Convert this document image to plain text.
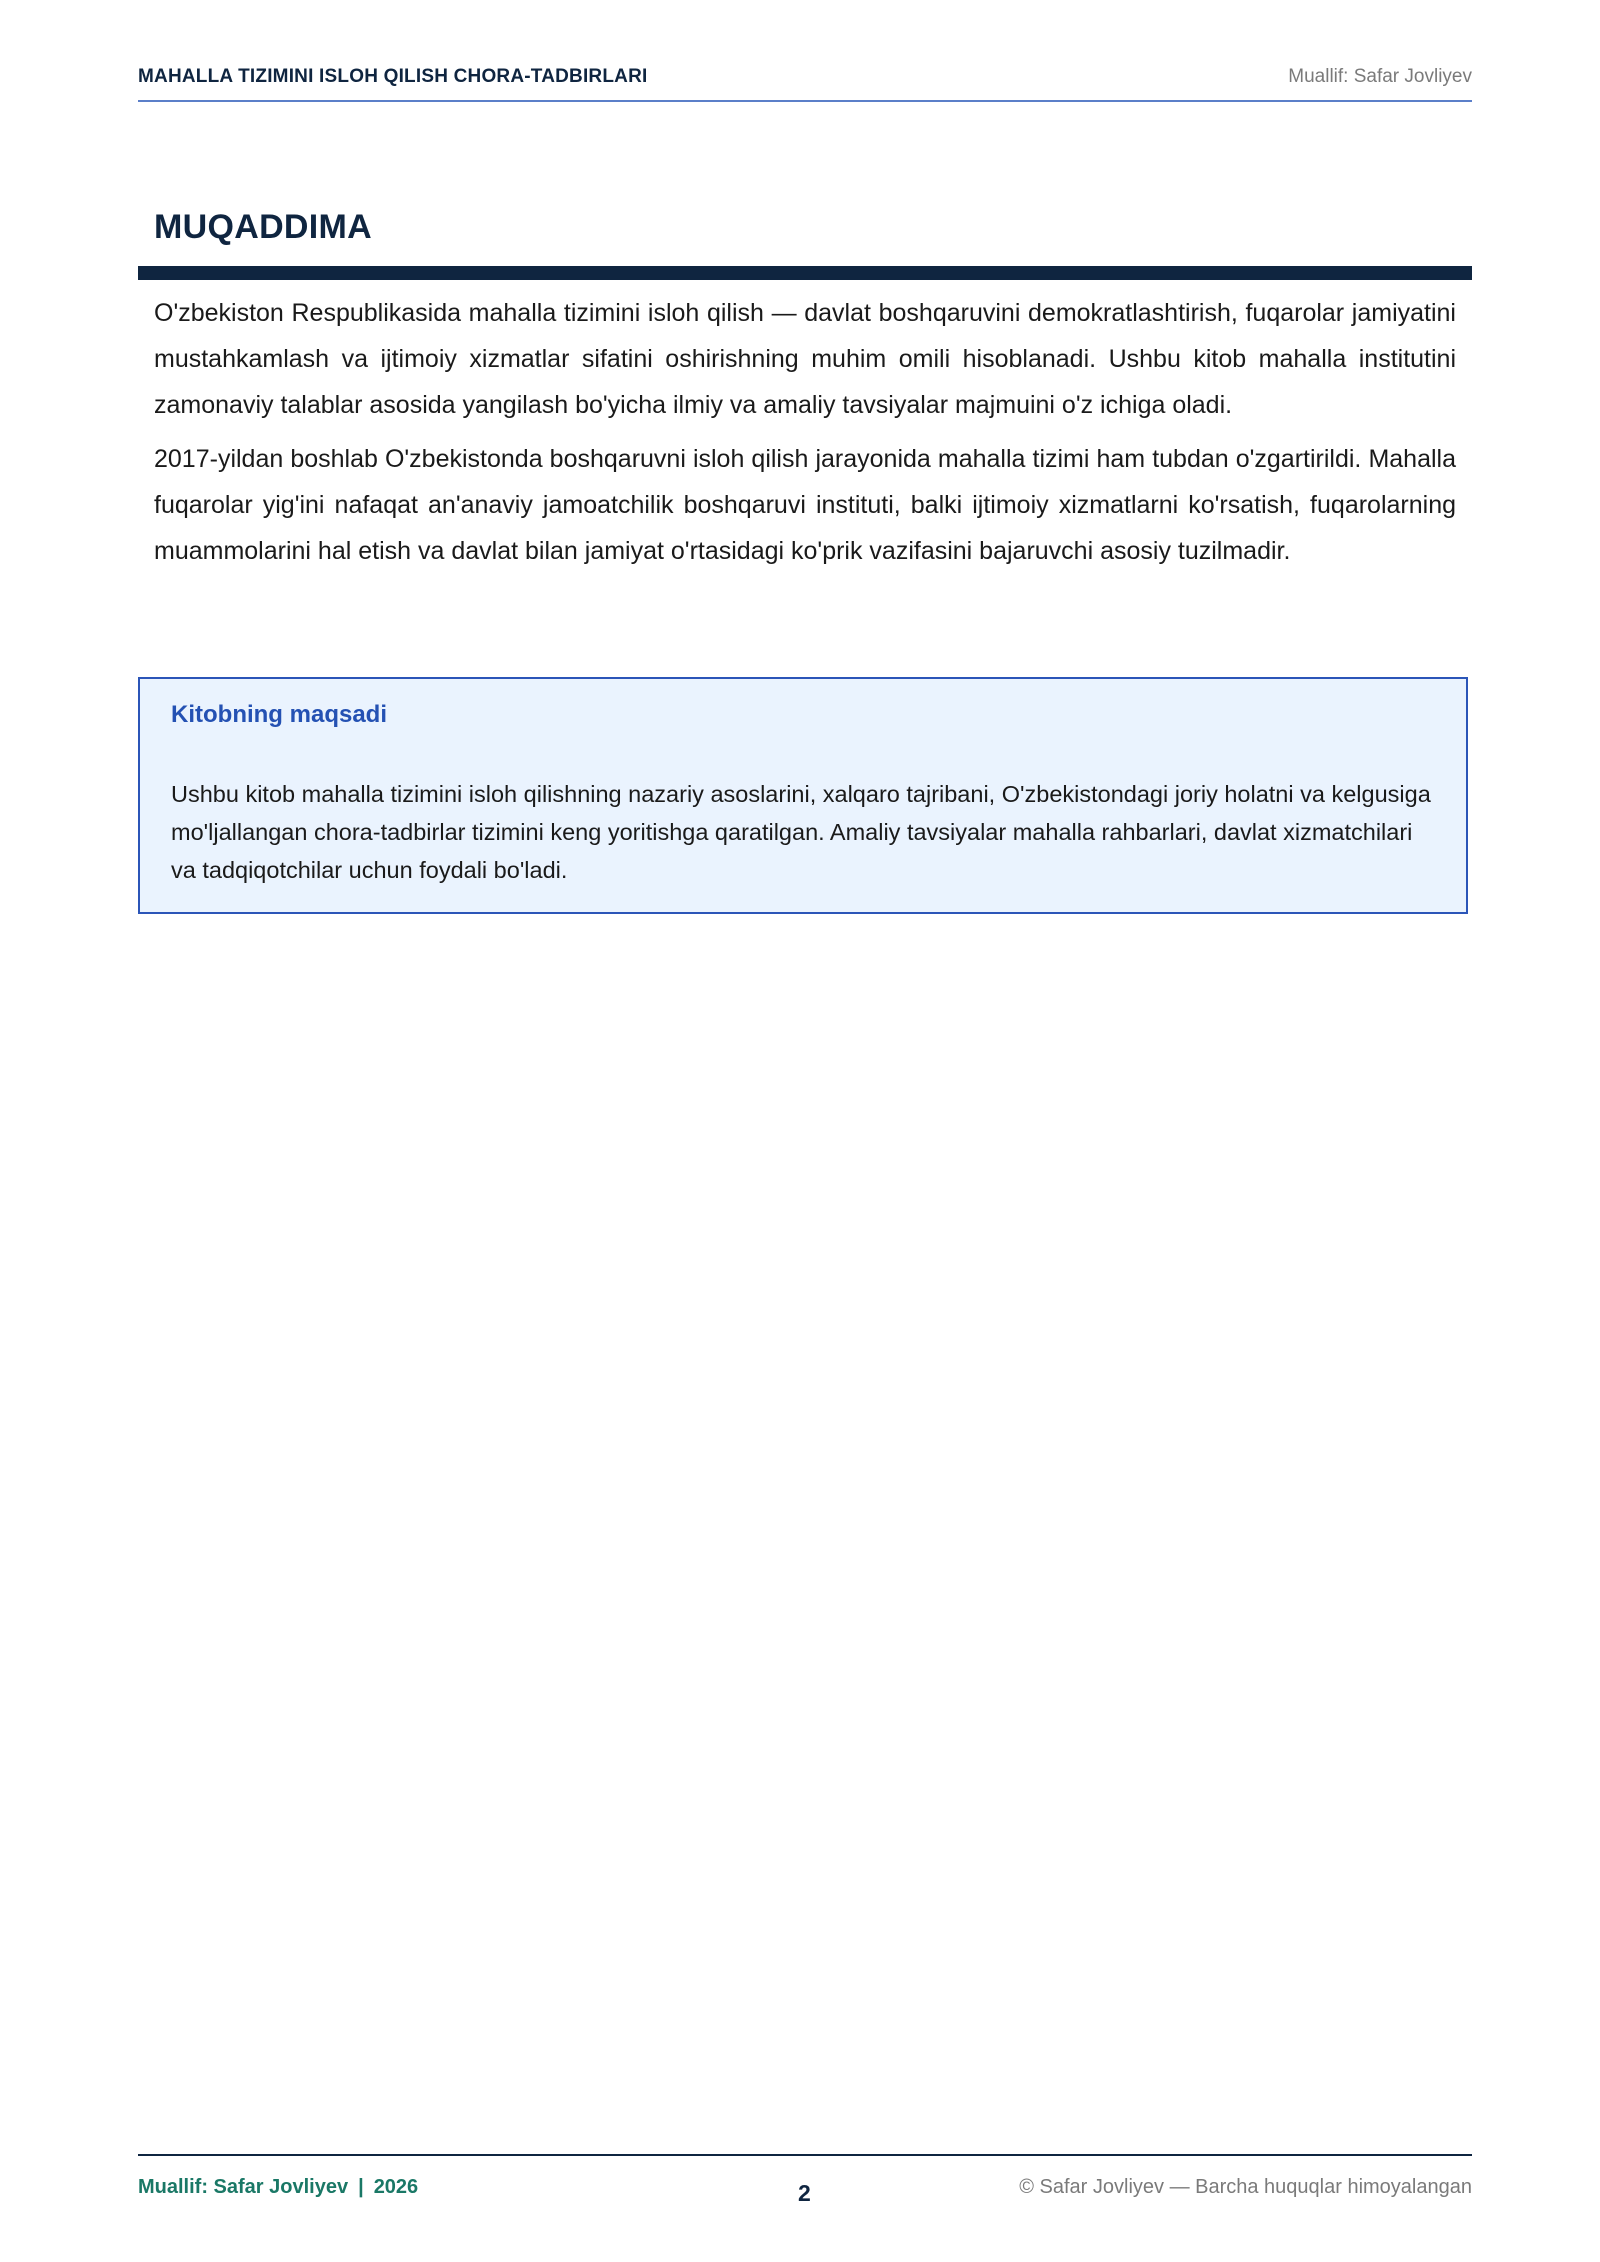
MAHALLA TIZIMINI ISLOH QILISH CHORA-TADBIRLARI	Muallif: Safar Jovliyev
MUQADDIMA

O'zbekiston Respublikasida mahalla tizimini isloh qilish — davlat boshqaruvini demokratlashtirish, fuqarolar jamiyatini mustahkamlash va ijtimoiy xizmatlar sifatini oshirishning muhim omili hisoblanadi. Ushbu kitob mahalla institutini zamonaviy talablar asosida yangilash bo'yicha ilmiy va amaliy tavsiyalar majmuini o'z ichiga oladi.

2017-yildan boshlab O'zbekistonda boshqaruvni isloh qilish jarayonida mahalla tizimi ham tubdan o'zgartirildi. Mahalla fuqarolar yig'ini nafaqat an'anaviy jamoatchilik boshqaruvi instituti, balki ijtimoiy xizmatlarni ko'rsatish, fuqarolarning muammolarini hal etish va davlat bilan jamiyat o'rtasidagi ko'prik vazifasini bajaruvchi asosiy tuzilmadir.

Kitobning maqsadi

Ushbu kitob mahalla tizimini isloh qilishning nazariy asoslarini, xalqaro tajribani, O'zbekistondagi joriy holatni va kelgusiga mo'ljallangan chora-tadbirlar tizimini keng yoritishga qaratilgan. Amaliy tavsiyalar mahalla rahbarlari, davlat xizmatchilari va tadqiqotchilar uchun foydali bo'ladi.

Muallif: Safar Jovliyev | 2026	2	© Safar Jovliyev — Barcha huquqlar himoyalangan
